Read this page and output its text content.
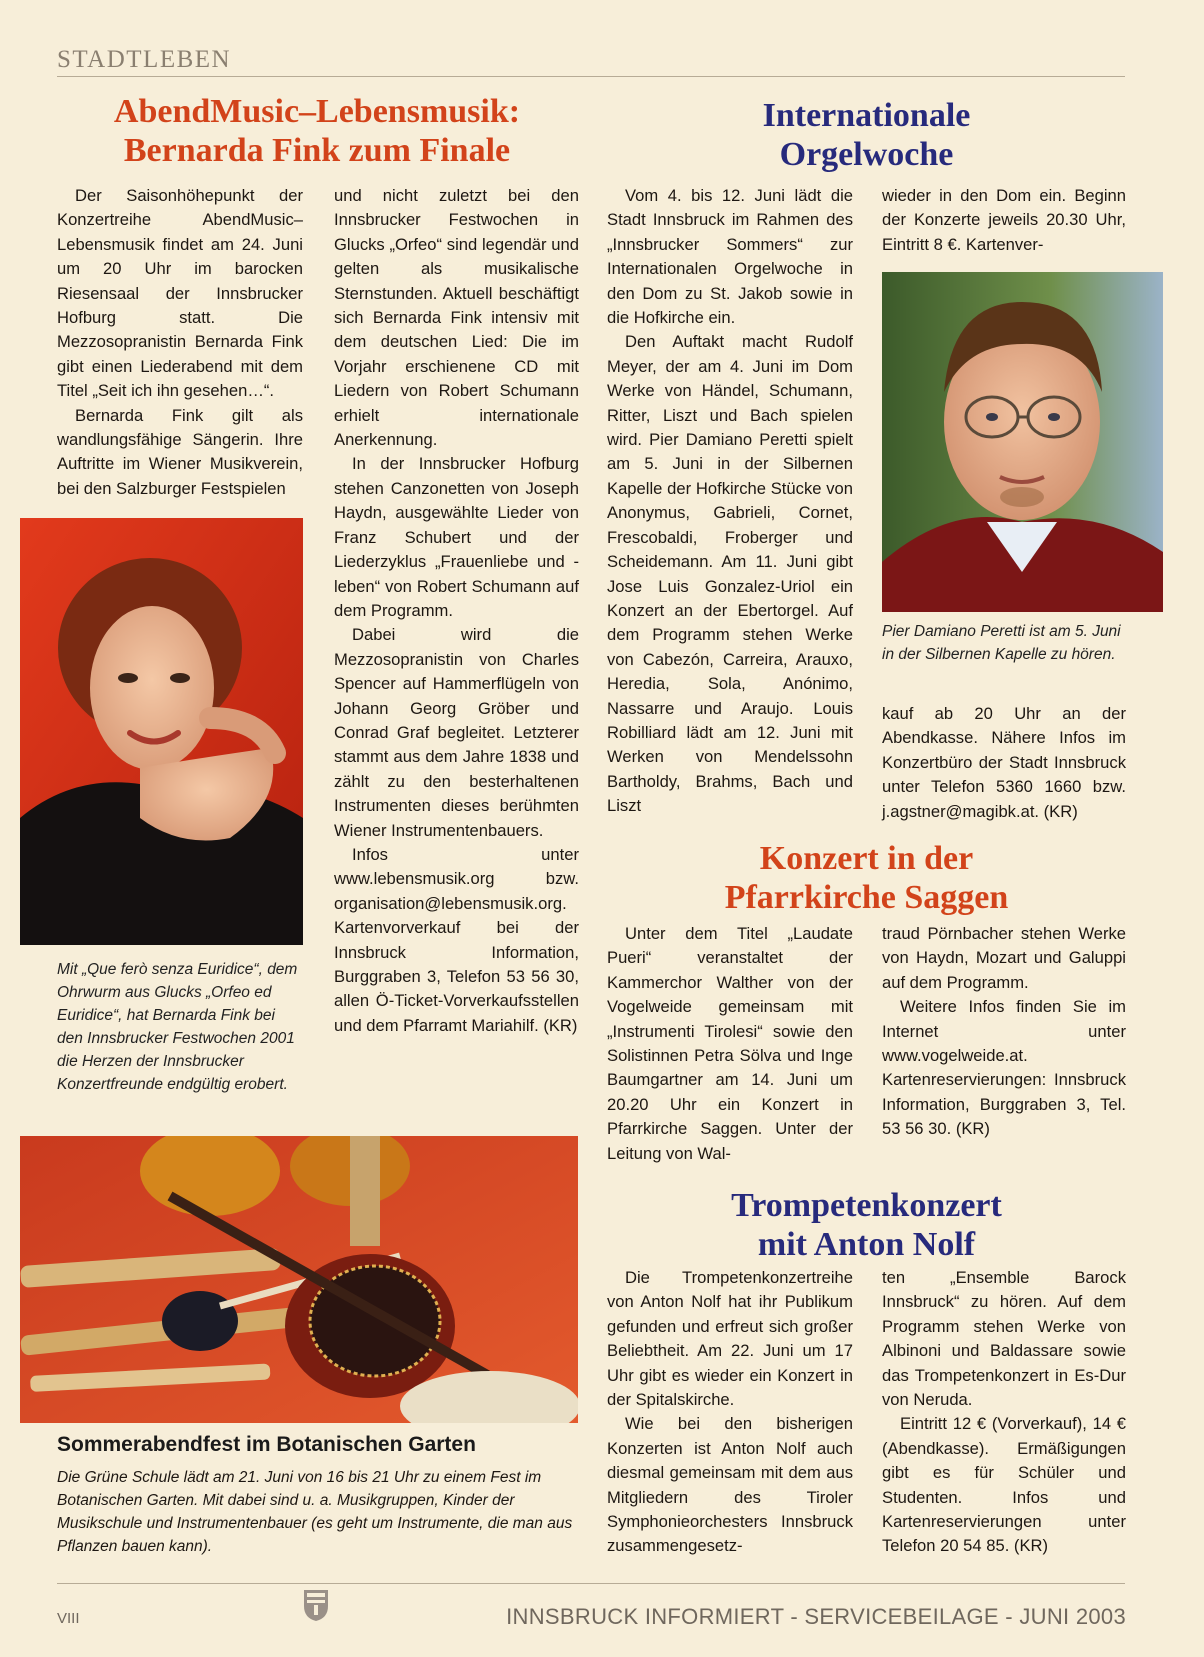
STADTLEBEN
AbendMusic–Lebensmusik:
Bernarda Fink zum Finale

Der Saisonhöhepunkt der Konzertreihe AbendMusic–Lebensmusik findet am 24. Juni um 20 Uhr im barocken Riesensaal der Innsbrucker Hofburg statt. Die Mezzosopranistin Bernarda Fink gibt einen Liederabend mit dem Titel „Seit ich ihn gesehen…“.

Bernarda Fink gilt als wandlungsfähige Sängerin. Ihre Auftritte im Wiener Musikverein, bei den Salzburger Festspielen

Mit „Que ferò senza Euridice“, dem Ohrwurm aus Glucks „Orfeo ed Euridice“, hat Bernarda Fink bei den Innsbrucker Festwochen 2001 die Herzen der Innsbrucker Konzertfreunde endgültig erobert.

und nicht zuletzt bei den Innsbrucker Festwochen in Glucks „Orfeo“ sind legendär und gelten als musikalische Sternstunden. Aktuell beschäftigt sich Bernarda Fink intensiv mit dem deutschen Lied: Die im Vorjahr erschienene CD mit Liedern von Robert Schumann erhielt internationale Anerkennung.

In der Innsbrucker Hofburg stehen Canzonetten von Joseph Haydn, ausgewählte Lieder von Franz Schubert und der Liederzyklus „Frauenliebe und -leben“ von Robert Schumann auf dem Programm.

Dabei wird die Mezzosopranistin von Charles Spencer auf Hammerflügeln von Johann Georg Gröber und Conrad Graf begleitet. Letzterer stammt aus dem Jahre 1838 und zählt zu den besterhaltenen Instrumenten dieses berühmten Wiener Instrumentenbauers.

Infos unter www.lebensmusik.org bzw. organisation@lebensmusik.org. Kartenvorverkauf bei der Innsbruck Information, Burggraben 3, Telefon 53 56 30, allen Ö-Ticket-Vorverkaufsstellen und dem Pfarramt Mariahilf. (KR)

Sommerabendfest im Botanischen Garten
Die Grüne Schule lädt am 21. Juni von 16 bis 21 Uhr zu einem Fest im Botanischen Garten. Mit dabei sind u. a. Musikgruppen, Kinder der Musikschule und Instrumentenbauer (es geht um Instrumente, die man aus Pflanzen bauen kann).
Internationale
Orgelwoche

Vom 4. bis 12. Juni lädt die Stadt Innsbruck im Rahmen des „Innsbrucker Sommers“ zur Internationalen Orgelwoche in den Dom zu St. Jakob sowie in die Hofkirche ein.

Den Auftakt macht Rudolf Meyer, der am 4. Juni im Dom Werke von Händel, Schumann, Ritter, Liszt und Bach spielen wird. Pier Damiano Peretti spielt am 5. Juni in der Silbernen Kapelle der Hofkirche Stücke von Anonymus, Gabrieli, Cornet, Frescobaldi, Froberger und Scheidemann. Am 11. Juni gibt Jose Luis Gonzalez-Uriol ein Konzert an der Ebertorgel. Auf dem Programm stehen Werke von Cabezón, Carreira, Arauxo, Heredia, Sola, Anónimo, Nassarre und Araujo. Louis Robilliard lädt am 12. Juni mit Werken von Mendelssohn Bartholdy, Brahms, Bach und Liszt

wieder in den Dom ein. Beginn der Konzerte jeweils 20.30 Uhr, Eintritt 8 €. Kartenver-

Pier Damiano Peretti ist am 5. Juni in der Silbernen Kapelle zu hören.

kauf ab 20 Uhr an der Abendkasse. Nähere Infos im Konzertbüro der Stadt Innsbruck unter Telefon 5360 1660 bzw. j.agstner@magibk.at. (KR)

Konzert in der
Pfarrkirche Saggen

Unter dem Titel „Laudate Pueri“ veranstaltet der Kammerchor Walther von der Vogelweide gemeinsam mit „Instrumenti Tirolesi“ sowie den Solistinnen Petra Sölva und Inge Baumgartner am 14. Juni um 20.20 Uhr ein Konzert in Pfarrkirche Saggen. Unter der Leitung von Wal-

traud Pörnbacher stehen Werke von Haydn, Mozart und Galuppi auf dem Programm.

Weitere Infos finden Sie im Internet unter www.vogelweide.at. Kartenreservierungen: Innsbruck Information, Burggraben 3, Tel. 53 56 30. (KR)

Trompetenkonzert
mit Anton Nolf

Die Trompetenkonzertreihe von Anton Nolf hat ihr Publikum gefunden und erfreut sich großer Beliebtheit. Am 22. Juni um 17 Uhr gibt es wieder ein Konzert in der Spitalskirche.

Wie bei den bisherigen Konzerten ist Anton Nolf auch diesmal gemeinsam mit dem aus Mitgliedern des Tiroler Symphonieorchesters Innsbruck zusammengesetz-

ten „Ensemble Barock Innsbruck“ zu hören. Auf dem Programm stehen Werke von Albinoni und Baldassare sowie das Trompetenkonzert in Es-Dur von Neruda.

Eintritt 12 € (Vorverkauf), 14 € (Abendkasse). Ermäßigungen gibt es für Schüler und Studenten. Infos und Kartenreservierungen unter Telefon 20 54 85. (KR)

VIII	INNSBRUCK INFORMIERT - SERVICEBEILAGE - JUNI 2003
